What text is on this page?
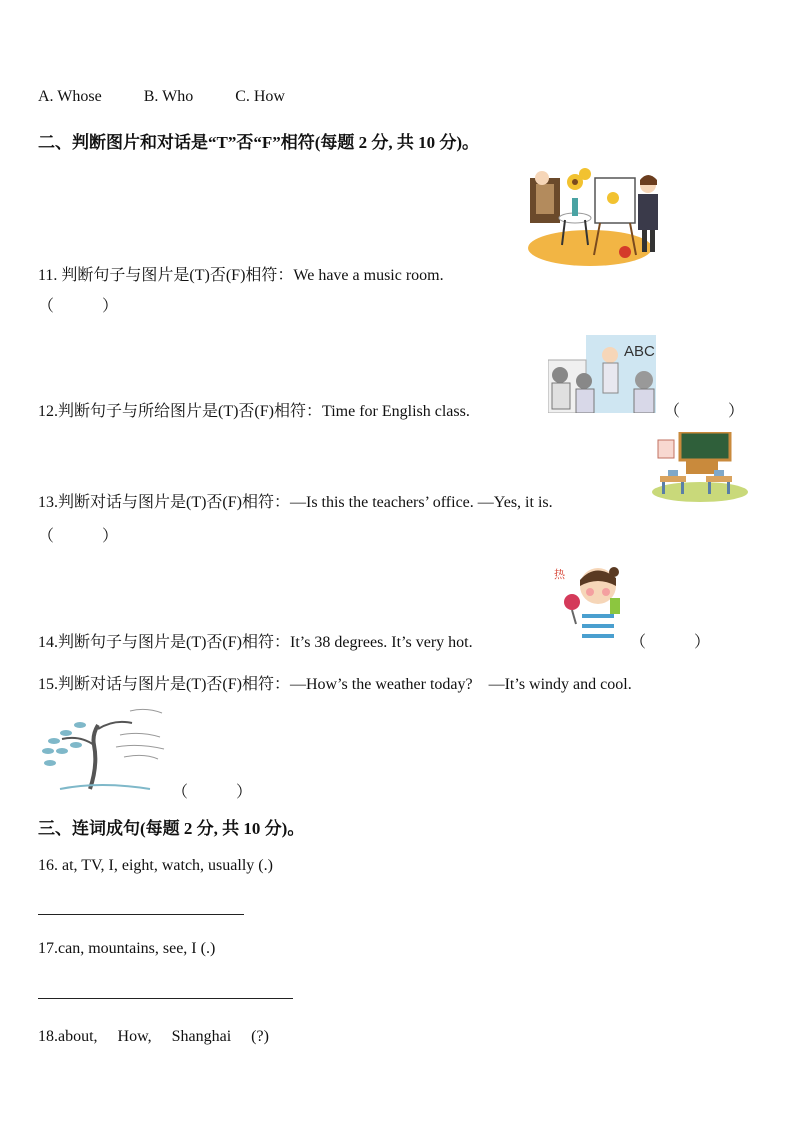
A. Whose	B. Who	C. How
二、判断图片和对话是“T”否“F”相符(每题 2 分, 共 10 分)。
11. 判断句子与图片是(T)否(F)相符：We have a music room.
（　　　）
ABC
12.判断句子与所给图片是(T)否(F)相符：Time for English class.	（　　　）
13.判断对话与图片是(T)否(F)相符：—Is this the teachers’ office. —Yes, it is.
（　　　）
热
14.判断句子与图片是(T)否(F)相符：It’s 38 degrees. It’s very hot.	（　　　）
15.判断对话与图片是(T)否(F)相符：—How’s the weather today?　—It’s windy and cool.
（　　　）
三、连词成句(每题 2 分, 共 10 分)。
16. at, TV, I, eight, watch, usually (.)
17.can, mountains, see, I (.)
18.about,　 How,　 Shanghai　 (?)
